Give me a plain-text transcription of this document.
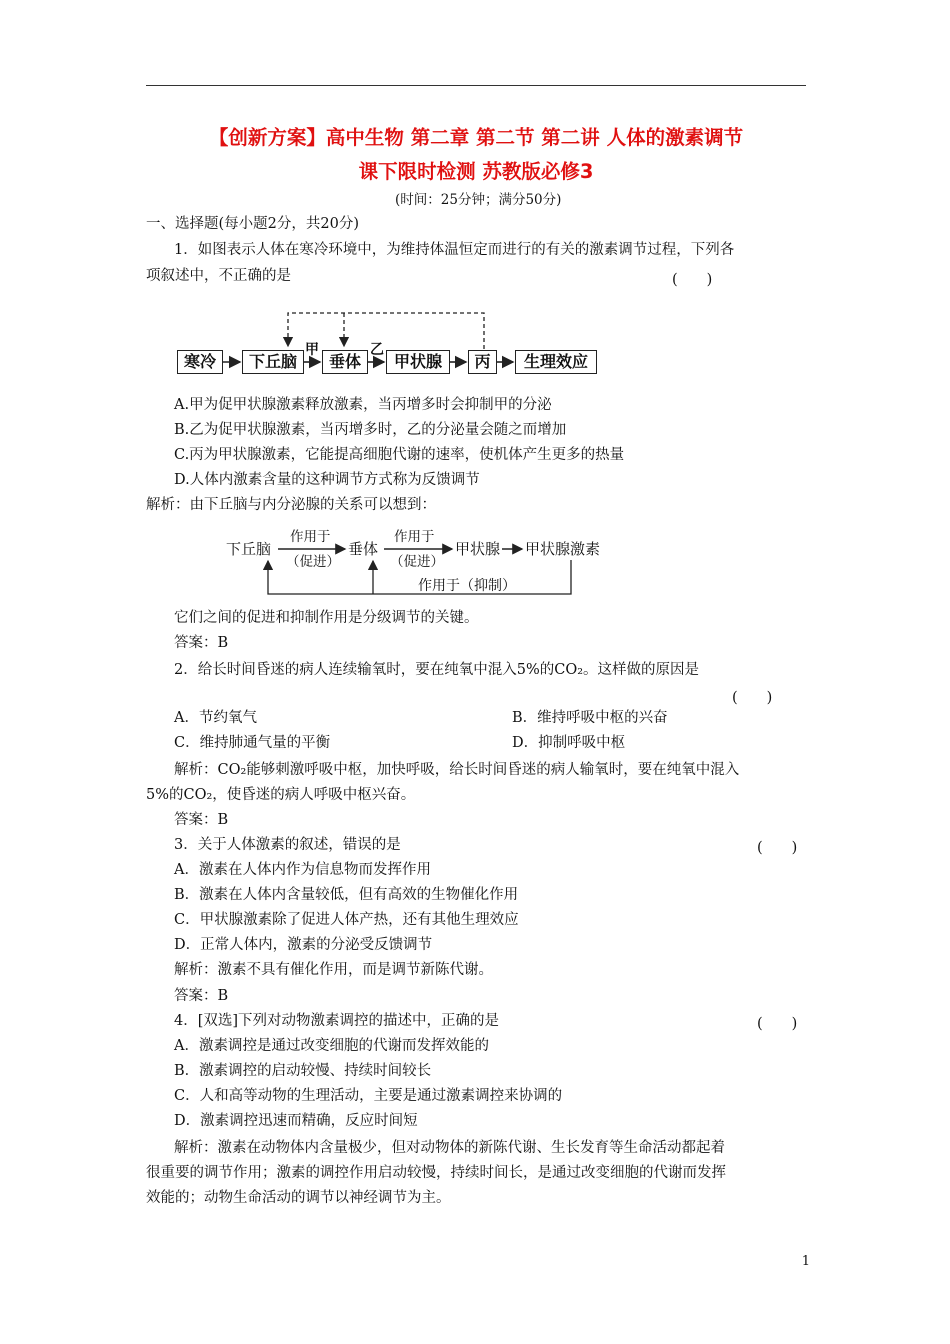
【创新方案】高中生物 第二章 第二节 第二讲 人体的激素调节
课下限时检测 苏教版必修3
(时间：25分钟；满分50分)
一、选择题(每小题2分，共20分)
1．如图表示人体在寒冷环境中，为维持体温恒定而进行的有关的激素调节过程，下列各
项叙述中，不正确的是	(　　)
寒冷	下丘脑
甲
垂体
乙
甲状腺	丙	生理效应
A.甲为促甲状腺激素释放激素，当丙增多时会抑制甲的分泌
B.乙为促甲状腺激素，当丙增多时，乙的分泌量会随之而增加
C.丙为甲状腺激素，它能提高细胞代谢的速率，使机体产生更多的热量
D.人体内激素含量的这种调节方式称为反馈调节
解析：由下丘脑与内分泌腺的关系可以想到：
下丘脑
作用于
（促进）
垂体
作用于
（促进）
甲状腺 甲状腺激素
作用于（抑制）
它们之间的促进和抑制作用是分级调节的关键。
答案：B
2．给长时间昏迷的病人连续输氧时，要在纯氧中混入5%的CO₂。这样做的原因是
(　　)
A．节约氧气	B．维持呼吸中枢的兴奋
C．维持肺通气量的平衡	D．抑制呼吸中枢
解析：CO₂能够刺激呼吸中枢，加快呼吸，给长时间昏迷的病人输氧时，要在纯氧中混入
5%的CO₂，使昏迷的病人呼吸中枢兴奋。
答案：B
3．关于人体激素的叙述，错误的是	(　　)
A．激素在人体内作为信息物而发挥作用
B．激素在人体内含量较低，但有高效的生物催化作用
C．甲状腺激素除了促进人体产热，还有其他生理效应
D．正常人体内，激素的分泌受反馈调节
解析：激素不具有催化作用，而是调节新陈代谢。
答案：B
4．[双选]下列对动物激素调控的描述中，正确的是	(　　)
A．激素调控是通过改变细胞的代谢而发挥效能的
B．激素调控的启动较慢、持续时间较长
C．人和高等动物的生理活动，主要是通过激素调控来协调的
D．激素调控迅速而精确，反应时间短
解析：激素在动物体内含量极少，但对动物体的新陈代谢、生长发育等生命活动都起着
很重要的调节作用；激素的调控作用启动较慢，持续时间长，是通过改变细胞的代谢而发挥
效能的；动物生命活动的调节以神经调节为主。
1
